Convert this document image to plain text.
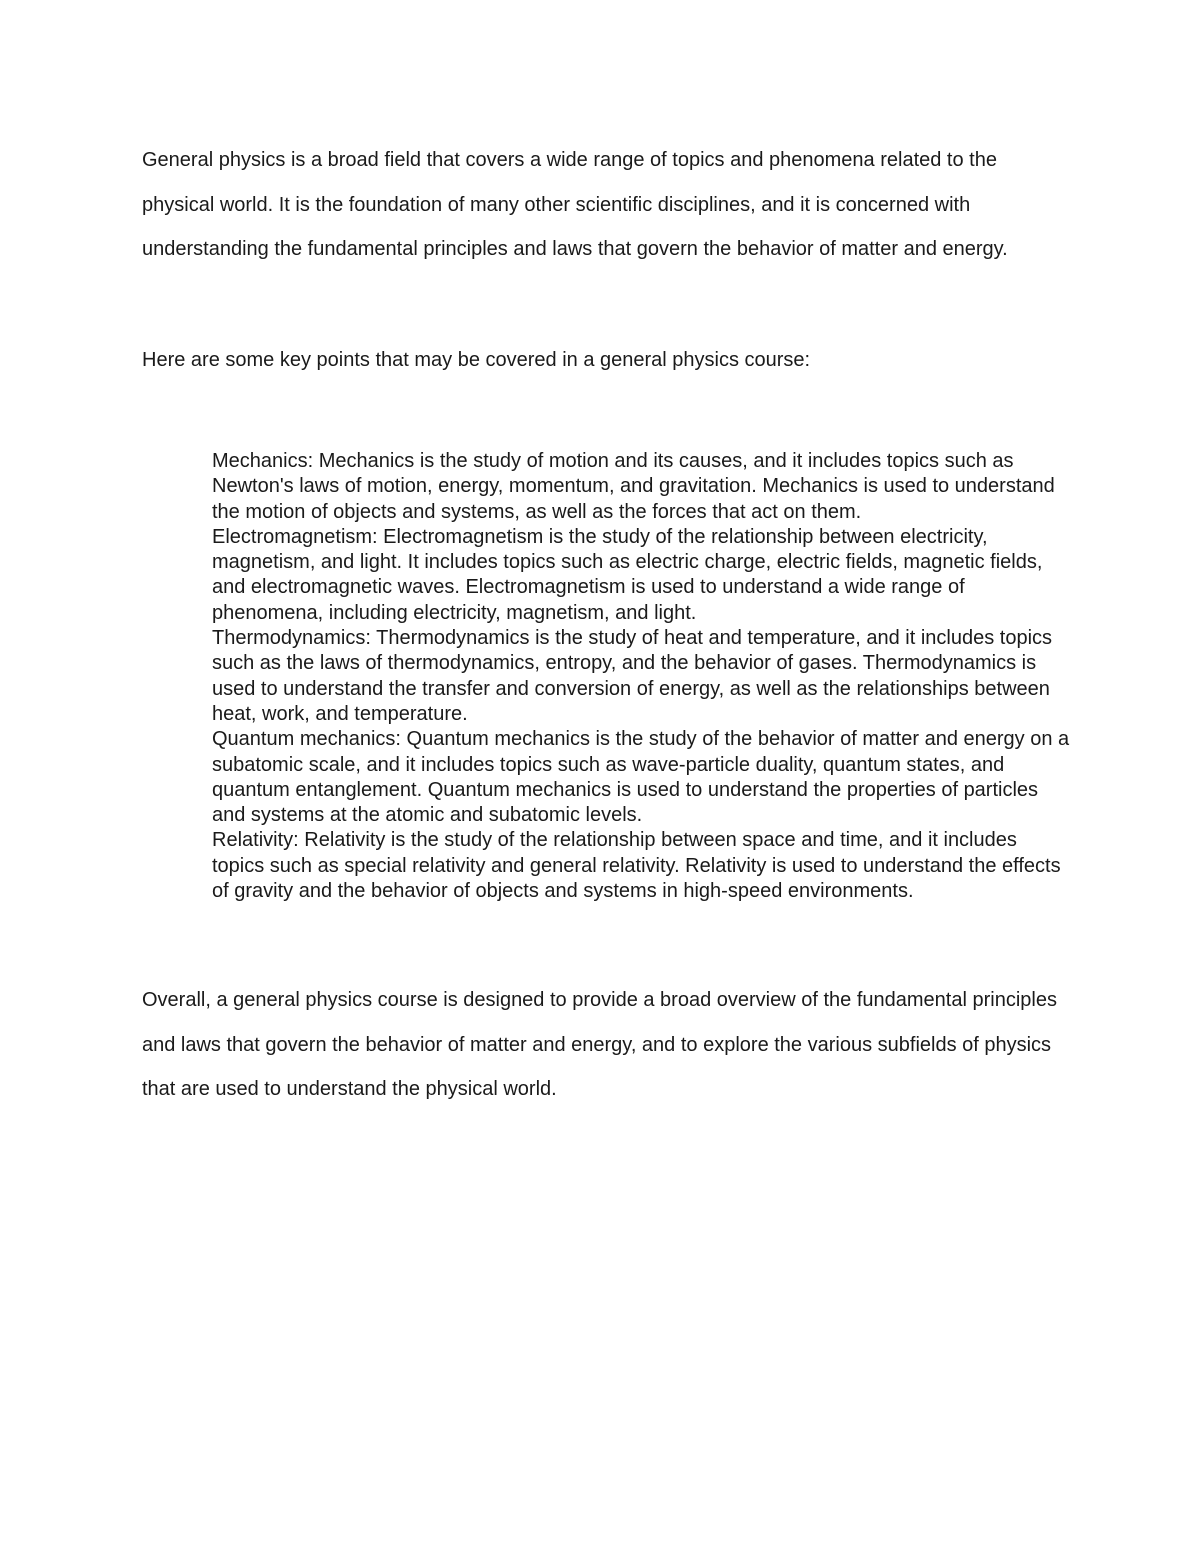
General physics is a broad field that covers a wide range of topics and phenomena related to the physical world. It is the foundation of many other scientific disciplines, and it is concerned with understanding the fundamental principles and laws that govern the behavior of matter and energy.

Here are some key points that may be covered in a general physics course:

Mechanics: Mechanics is the study of motion and its causes, and it includes topics such as Newton's laws of motion, energy, momentum, and gravitation. Mechanics is used to understand the motion of objects and systems, as well as the forces that act on them.
Electromagnetism: Electromagnetism is the study of the relationship between electricity, magnetism, and light. It includes topics such as electric charge, electric fields, magnetic fields, and electromagnetic waves. Electromagnetism is used to understand a wide range of phenomena, including electricity, magnetism, and light.
Thermodynamics: Thermodynamics is the study of heat and temperature, and it includes topics such as the laws of thermodynamics, entropy, and the behavior of gases. Thermodynamics is used to understand the transfer and conversion of energy, as well as the relationships between heat, work, and temperature.
Quantum mechanics: Quantum mechanics is the study of the behavior of matter and energy on a subatomic scale, and it includes topics such as wave-particle duality, quantum states, and quantum entanglement. Quantum mechanics is used to understand the properties of particles and systems at the atomic and subatomic levels.
Relativity: Relativity is the study of the relationship between space and time, and it includes topics such as special relativity and general relativity. Relativity is used to understand the effects of gravity and the behavior of objects and systems in high-speed environments.

Overall, a general physics course is designed to provide a broad overview of the fundamental principles and laws that govern the behavior of matter and energy, and to explore the various subfields of physics that are used to understand the physical world.
